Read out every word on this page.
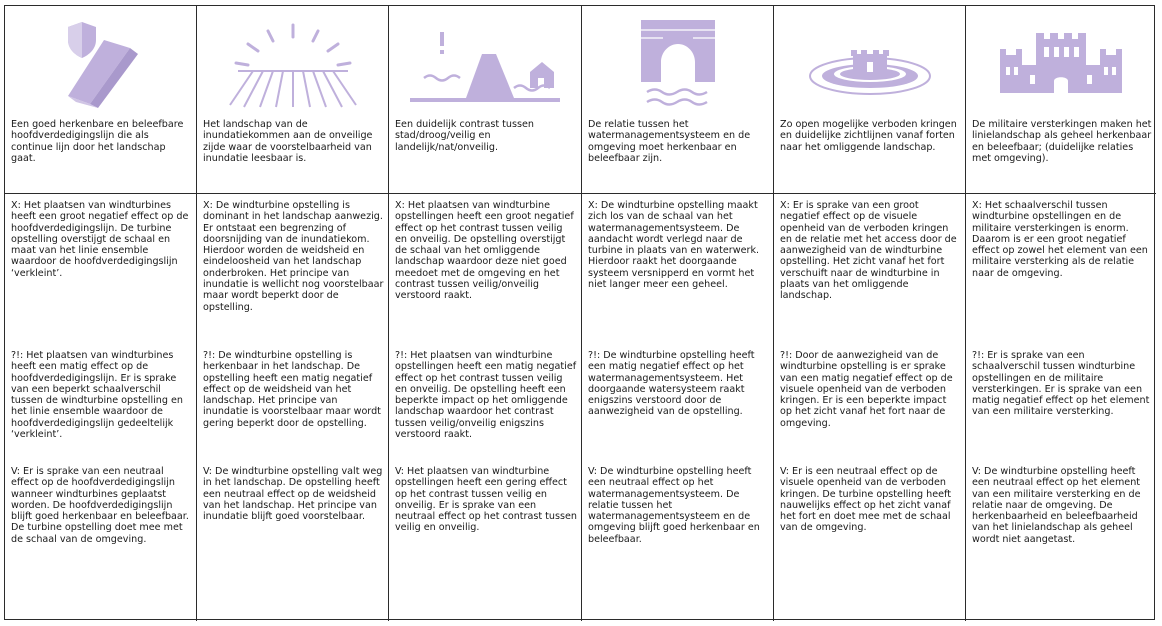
Een goed herkenbare en beleefbare hoofdverdedigingslijn die als continue lijn door het landschap gaat.
Het landschap van de inundatiekommen aan de onveilige zijde waar de voorstelbaarheid van inundatie leesbaar is.
Een duidelijk contrast tussen stad/droog/veilig en landelijk/nat/onveilig.
De relatie tussen het watermanagementsysteem en de omgeving moet herkenbaar en beleefbaar zijn.
Zo open mogelijke verboden kringen en duidelijke zichtlijnen vanaf forten naar het omliggende landschap.
De militaire versterkingen maken het linielandschap als geheel herkenbaar en beleefbaar; (duidelijke relaties met omgeving).
X: Het plaatsen van windturbines heeft een groot negatief effect op de hoofdverdedigingslijn. De turbine opstelling overstijgt de schaal en maat van het linie ensemble waardoor de hoofdverdedigingslijn ‘verkleint’.
?!: Het plaatsen van windturbines heeft een matig effect op de hoofdverdedigingslijn. Er is sprake van een beperkt schaalverschil tussen de windturbine opstelling en het linie ensemble waardoor de hoofdverdedigingslijn gedeeltelijk ‘verkleint’.
V: Er is sprake van een neutraal effect op de hoofdverdedigingslijn wanneer windturbines geplaatst worden. De hoofdverdedigingslijn blijft goed herkenbaar en beleefbaar. De turbine opstelling doet mee met de schaal van de omgeving.
X: De windturbine opstelling is dominant in het landschap aanwezig. Er ontstaat een begrenzing of doorsnijding van de inundatiekom. Hierdoor worden de weidsheid en eindeloosheid van het landschap onderbroken. Het principe van inundatie is wellicht nog voorstelbaar maar wordt beperkt door de opstelling.
?!: De windturbine opstelling is herkenbaar in het landschap. De opstelling heeft een matig negatief effect op de weidsheid van het landschap. Het principe van inundatie is voorstelbaar maar wordt gering beperkt door de opstelling.
V: De windturbine opstelling valt weg in het landschap. De opstelling heeft een neutraal effect op de weidsheid van het landschap. Het principe van inundatie blijft goed voorstelbaar.
X: Het plaatsen van windturbine opstellingen heeft een groot negatief effect op het contrast tussen veilig en onveilig. De opstelling overstijgt de schaal van het omliggende landschap waardoor deze niet goed meedoet met de omgeving en het contrast tussen veilig/onveilig verstoord raakt.
?!: Het plaatsen van windturbine opstellingen heeft een matig negatief effect op het contrast tussen veilig en onveilig. De opstelling heeft een beperkte impact op het omliggende landschap waardoor het contrast tussen veilig/onveilig enigszins verstoord raakt.
V: Het plaatsen van windturbine opstellingen heeft een gering effect op het contrast tussen veilig en onveilig. Er is sprake van een neutraal effect op het contrast tussen veilig en onveilig.
X: De windturbine opstelling maakt zich los van de schaal van het watermanagementsysteem. De aandacht wordt verlegd naar de turbine in plaats van en waterwerk. Hierdoor raakt het doorgaande systeem versnipperd en vormt het niet langer meer een geheel.
?!: De windturbine opstelling heeft een matig negatief effect op het watermanagementsysteem. Het doorgaande watersysteem raakt enigszins verstoord door de aanwezigheid van de opstelling.
V: De windturbine opstelling heeft een neutraal effect op het watermanagementsysteem. De relatie tussen het watermanagementsysteem en de omgeving blijft goed herkenbaar en beleefbaar.
X: Er is sprake van een groot negatief effect op de visuele openheid van de verboden kringen en de relatie met het access door de aanwezigheid van de windturbine opstelling. Het zicht vanaf het fort verschuift naar de windturbine in plaats van het omliggende landschap.
?!: Door de aanwezigheid van de windturbine opstelling is er sprake van een matig negatief effect op de visuele openheid van de verboden kringen. Er is een beperkte impact op het zicht vanaf het fort naar de omgeving.
V: Er is een neutraal effect op de visuele openheid van de verboden kringen. De turbine opstelling heeft nauwelijks effect op het zicht vanaf het fort en doet mee met de schaal van de omgeving.
X: Het schaalverschil tussen windturbine opstellingen en de militaire versterkingen is enorm. Daarom is er een groot negatief effect op zowel het element van een militaire versterking als de relatie naar de omgeving.
?!: Er is sprake van een schaalverschil tussen windturbine opstellingen en de militaire versterkingen. Er is sprake van een matig negatief effect op het element van een militaire versterking.
V: De windturbine opstelling heeft een neutraal effect op het element van een militaire versterking en de relatie naar de omgeving. De herkenbaarheid en beleefbaarheid van het linielandschap als geheel wordt niet aangetast.
